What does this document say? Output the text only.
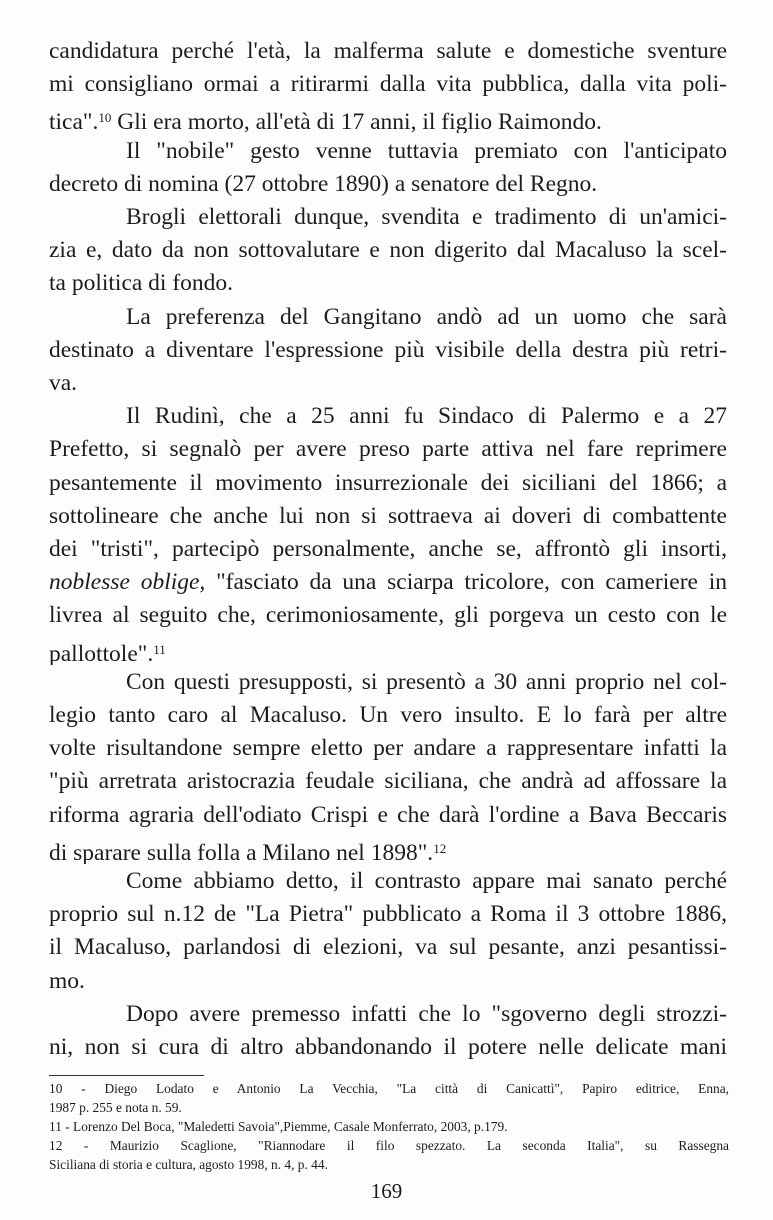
candidatura perché l'età, la malferma salute e domestiche sventure
mi consigliano ormai a ritirarmi dalla vita pubblica, dalla vita poli-
tica".$^{10}$ Gli era morto, all'età di 17 anni, il figlio Raimondo.
Il "nobile" gesto venne tuttavia premiato con l'anticipato
decreto di nomina (27 ottobre 1890) a senatore del Regno.
Brogli elettorali dunque, svendita e tradimento di un'amici-
zia e, dato da non sottovalutare e non digerito dal Macaluso la scel-
ta politica di fondo.
La preferenza del Gangitano andò ad un uomo che sarà
destinato a diventare l'espressione più visibile della destra più retri-
va.
Il Rudinì, che a 25 anni fu Sindaco di Palermo e a 27
Prefetto, si segnalò per avere preso parte attiva nel fare reprimere
pesantemente il movimento insurrezionale dei siciliani del 1866; a
sottolineare che anche lui non si sottraeva ai doveri di combattente
dei "tristi", partecipò personalmente, anche se, affrontò gli insorti,
noblesse oblige, "fasciato da una sciarpa tricolore, con cameriere in
livrea al seguito che, cerimoniosamente, gli porgeva un cesto con le
pallottole".$^{11}$
Con questi presupposti, si presentò a 30 anni proprio nel col-
legio tanto caro al Macaluso. Un vero insulto. E lo farà per altre
volte risultandone sempre eletto per andare a rappresentare infatti la
"più arretrata aristocrazia feudale siciliana, che andrà ad affossare la
riforma agraria dell'odiato Crispi e che darà l'ordine a Bava Beccaris
di sparare sulla folla a Milano nel 1898".$^{12}$
Come abbiamo detto, il contrasto appare mai sanato perché
proprio sul n.12 de "La Pietra" pubblicato a Roma il 3 ottobre 1886,
il Macaluso, parlandosi di elezioni, va sul pesante, anzi pesantissi-
mo.
Dopo avere premesso infatti che lo "sgoverno degli strozzi-
ni, non si cura di altro abbandonando il potere nelle delicate mani
10 - Diego Lodato e Antonio La Vecchia, "La città di Canicattì", Papiro editrice, Enna,
1987 p. 255 e nota n. 59.
11 - Lorenzo Del Boca, "Maledetti Savoia",Piemme, Casale Monferrato, 2003, p.179.
12 - Maurizio Scaglione, "Riannodare il filo spezzato. La seconda Italia", su Rassegna
Siciliana di storia e cultura, agosto 1998, n. 4, p. 44.
169
